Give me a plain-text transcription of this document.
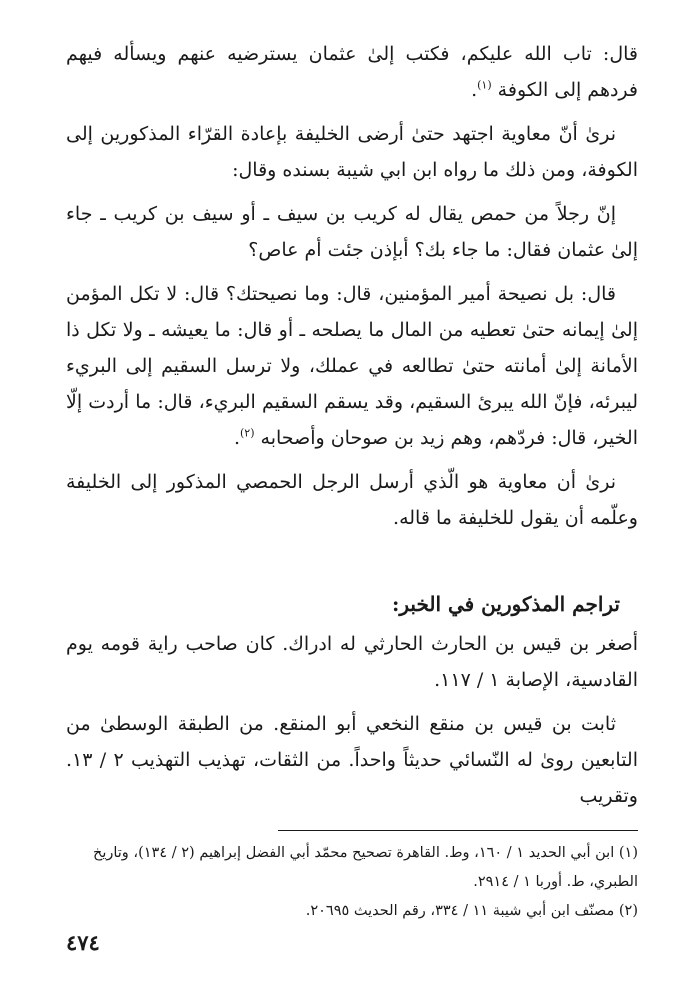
قال: تاب الله عليكم، فكتب إلىٰ عثمان يسترضيه عنهم ويسأله فيهم فردهم إلى الكوفة $^{(١)}$.

نرىٰ أنّ معاوية اجتهد حتىٰ أرضى الخليفة بإعادة القرّاء المذكورين إلى الكوفة، ومن ذلك ما رواه ابن ابي شيبة بسنده وقال:

إنّ رجلاً من حمص يقال له كريب بن سيف ـ أو سيف بن كريب ـ جاء إلىٰ عثمان فقال: ما جاء بك؟ أبإذن جئت أم عاص؟

قال: بل نصيحة أمير المؤمنين، قال: وما نصيحتك؟ قال: لا تكل المؤمن إلىٰ إيمانه حتىٰ تعطيه من المال ما يصلحه ـ أو قال: ما يعيشه ـ ولا تكل ذا الأمانة إلىٰ أمانته حتىٰ تطالعه في عملك، ولا ترسل السقيم إلى البريء ليبرئه، فإنّ الله يبرئ السقيم، وقد يسقم السقيم البريء، قال: ما أردت إلّا الخير، قال: فردّهم، وهم زيد بن صوحان وأصحابه $^{(٢)}$.

نرىٰ أن معاوية هو الّذي أرسل الرجل الحمصي المذكور إلى الخليفة وعلّمه أن يقول للخليفة ما قاله.

تراجم المذكورين في الخبر:

أصغر بن قيس بن الحارث الحارثي له ادراك. كان صاحب راية قومه يوم القادسية، الإصابة ١ / ١١٧.

ثابت بن قيس بن منقع النخعي أبو المنقع. من الطبقة الوسطىٰ من التابعين روىٰ له النّسائي حديثاً واحداً. من الثقات، تهذيب التهذيب ٢ / ١٣. وتقريب

(١) ابن أبي الحديد ١ / ١٦٠، وط. القاهرة تصحيح محمّد أبي الفضل إبراهيم (٢ / ١٣٤)، وتاريخ الطبري، ط. أوربا ١ / ٢٩١٤.

(٢) مصنّف ابن أبي شيبة ١١ / ٣٣٤، رقم الحديث ٢٠٦٩٥.

٤٧٤
